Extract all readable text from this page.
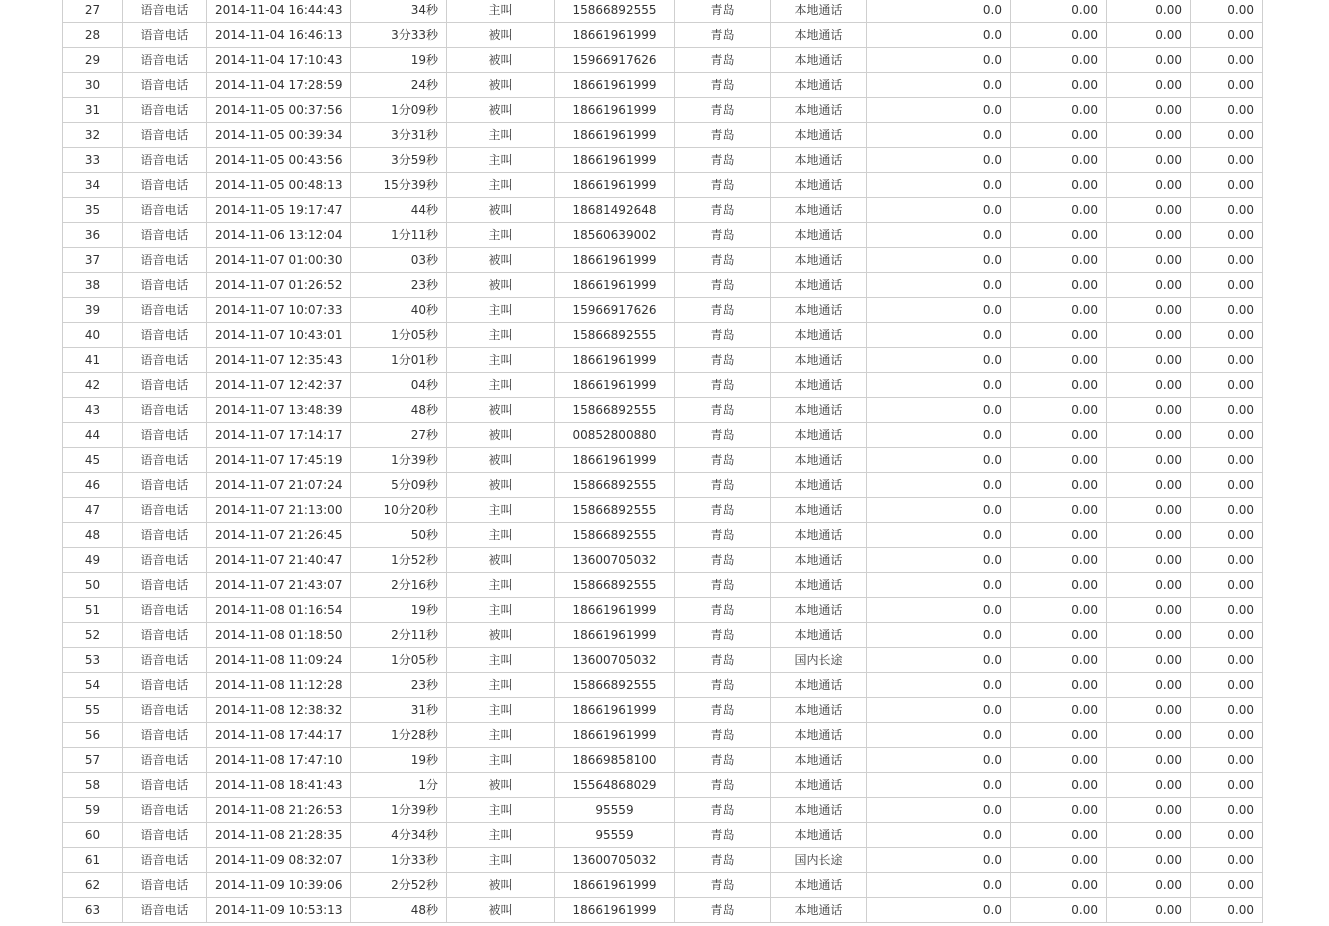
27	语音电话	2014-11-04 16:44:43	34秒	主叫	15866892555	青岛	本地通话	0.0	0.00	0.00	0.00
28	语音电话	2014-11-04 16:46:13	3分33秒	被叫	18661961999	青岛	本地通话	0.0	0.00	0.00	0.00
29	语音电话	2014-11-04 17:10:43	19秒	被叫	15966917626	青岛	本地通话	0.0	0.00	0.00	0.00
30	语音电话	2014-11-04 17:28:59	24秒	被叫	18661961999	青岛	本地通话	0.0	0.00	0.00	0.00
31	语音电话	2014-11-05 00:37:56	1分09秒	被叫	18661961999	青岛	本地通话	0.0	0.00	0.00	0.00
32	语音电话	2014-11-05 00:39:34	3分31秒	主叫	18661961999	青岛	本地通话	0.0	0.00	0.00	0.00
33	语音电话	2014-11-05 00:43:56	3分59秒	主叫	18661961999	青岛	本地通话	0.0	0.00	0.00	0.00
34	语音电话	2014-11-05 00:48:13	15分39秒	主叫	18661961999	青岛	本地通话	0.0	0.00	0.00	0.00
35	语音电话	2014-11-05 19:17:47	44秒	被叫	18681492648	青岛	本地通话	0.0	0.00	0.00	0.00
36	语音电话	2014-11-06 13:12:04	1分11秒	主叫	18560639002	青岛	本地通话	0.0	0.00	0.00	0.00
37	语音电话	2014-11-07 01:00:30	03秒	被叫	18661961999	青岛	本地通话	0.0	0.00	0.00	0.00
38	语音电话	2014-11-07 01:26:52	23秒	被叫	18661961999	青岛	本地通话	0.0	0.00	0.00	0.00
39	语音电话	2014-11-07 10:07:33	40秒	主叫	15966917626	青岛	本地通话	0.0	0.00	0.00	0.00
40	语音电话	2014-11-07 10:43:01	1分05秒	主叫	15866892555	青岛	本地通话	0.0	0.00	0.00	0.00
41	语音电话	2014-11-07 12:35:43	1分01秒	主叫	18661961999	青岛	本地通话	0.0	0.00	0.00	0.00
42	语音电话	2014-11-07 12:42:37	04秒	主叫	18661961999	青岛	本地通话	0.0	0.00	0.00	0.00
43	语音电话	2014-11-07 13:48:39	48秒	被叫	15866892555	青岛	本地通话	0.0	0.00	0.00	0.00
44	语音电话	2014-11-07 17:14:17	27秒	被叫	00852800880	青岛	本地通话	0.0	0.00	0.00	0.00
45	语音电话	2014-11-07 17:45:19	1分39秒	被叫	18661961999	青岛	本地通话	0.0	0.00	0.00	0.00
46	语音电话	2014-11-07 21:07:24	5分09秒	被叫	15866892555	青岛	本地通话	0.0	0.00	0.00	0.00
47	语音电话	2014-11-07 21:13:00	10分20秒	主叫	15866892555	青岛	本地通话	0.0	0.00	0.00	0.00
48	语音电话	2014-11-07 21:26:45	50秒	主叫	15866892555	青岛	本地通话	0.0	0.00	0.00	0.00
49	语音电话	2014-11-07 21:40:47	1分52秒	被叫	13600705032	青岛	本地通话	0.0	0.00	0.00	0.00
50	语音电话	2014-11-07 21:43:07	2分16秒	主叫	15866892555	青岛	本地通话	0.0	0.00	0.00	0.00
51	语音电话	2014-11-08 01:16:54	19秒	主叫	18661961999	青岛	本地通话	0.0	0.00	0.00	0.00
52	语音电话	2014-11-08 01:18:50	2分11秒	被叫	18661961999	青岛	本地通话	0.0	0.00	0.00	0.00
53	语音电话	2014-11-08 11:09:24	1分05秒	主叫	13600705032	青岛	国内长途	0.0	0.00	0.00	0.00
54	语音电话	2014-11-08 11:12:28	23秒	主叫	15866892555	青岛	本地通话	0.0	0.00	0.00	0.00
55	语音电话	2014-11-08 12:38:32	31秒	主叫	18661961999	青岛	本地通话	0.0	0.00	0.00	0.00
56	语音电话	2014-11-08 17:44:17	1分28秒	主叫	18661961999	青岛	本地通话	0.0	0.00	0.00	0.00
57	语音电话	2014-11-08 17:47:10	19秒	主叫	18669858100	青岛	本地通话	0.0	0.00	0.00	0.00
58	语音电话	2014-11-08 18:41:43	1分	被叫	15564868029	青岛	本地通话	0.0	0.00	0.00	0.00
59	语音电话	2014-11-08 21:26:53	1分39秒	主叫	95559	青岛	本地通话	0.0	0.00	0.00	0.00
60	语音电话	2014-11-08 21:28:35	4分34秒	主叫	95559	青岛	本地通话	0.0	0.00	0.00	0.00
61	语音电话	2014-11-09 08:32:07	1分33秒	主叫	13600705032	青岛	国内长途	0.0	0.00	0.00	0.00
62	语音电话	2014-11-09 10:39:06	2分52秒	被叫	18661961999	青岛	本地通话	0.0	0.00	0.00	0.00
63	语音电话	2014-11-09 10:53:13	48秒	被叫	18661961999	青岛	本地通话	0.0	0.00	0.00	0.00
